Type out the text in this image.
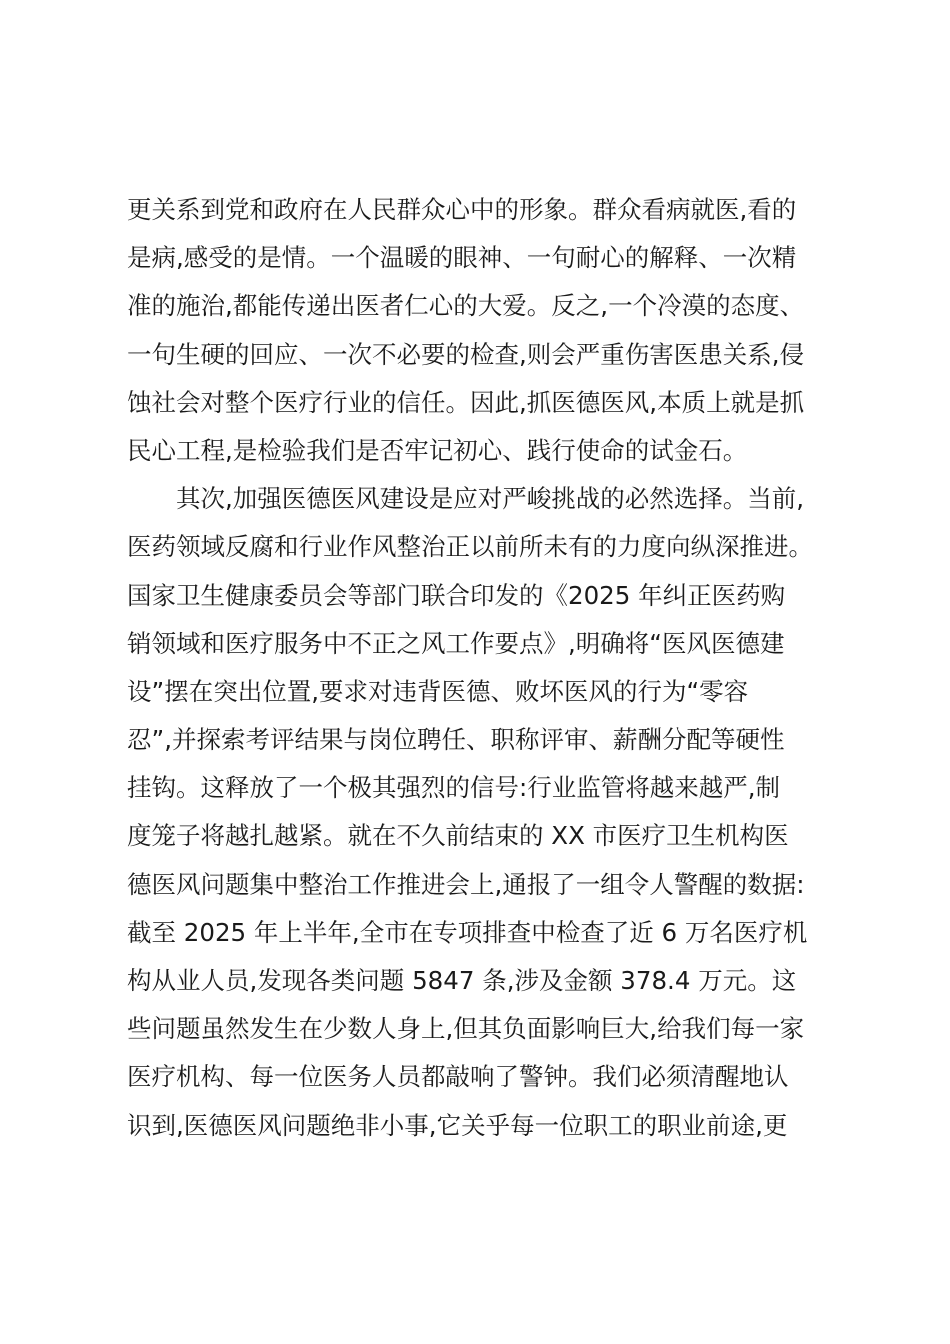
更关系到党和政府在人民群众心中的形象。群众看病就医,看的
是病,感受的是情。一个温暖的眼神、一句耐心的解释、一次精
准的施治,都能传递出医者仁心的大爱。反之,一个冷漠的态度、
一句生硬的回应、一次不必要的检查,则会严重伤害医患关系,侵
蚀社会对整个医疗行业的信任。因此,抓医德医风,本质上就是抓
民心工程,是检验我们是否牢记初心、践行使命的试金石。
其次,加强医德医风建设是应对严峻挑战的必然选择。当前,
医药领域反腐和行业作风整治正以前所未有的力度向纵深推进。
国家卫生健康委员会等部门联合印发的《2025 年纠正医药购
销领域和医疗服务中不正之风工作要点》,明确将“医风医德建
设”摆在突出位置,要求对违背医德、败坏医风的行为“零容
忍”,并探索考评结果与岗位聘任、职称评审、薪酬分配等硬性
挂钩。这释放了一个极其强烈的信号:行业监管将越来越严,制
度笼子将越扎越紧。就在不久前结束的 XX 市医疗卫生机构医
德医风问题集中整治工作推进会上,通报了一组令人警醒的数据:
截至 2025 年上半年,全市在专项排查中检查了近 6 万名医疗机
构从业人员,发现各类问题 5847 条,涉及金额 378.4 万元。这
些问题虽然发生在少数人身上,但其负面影响巨大,给我们每一家
医疗机构、每一位医务人员都敲响了警钟。我们必须清醒地认
识到,医德医风问题绝非小事,它关乎每一位职工的职业前途,更
